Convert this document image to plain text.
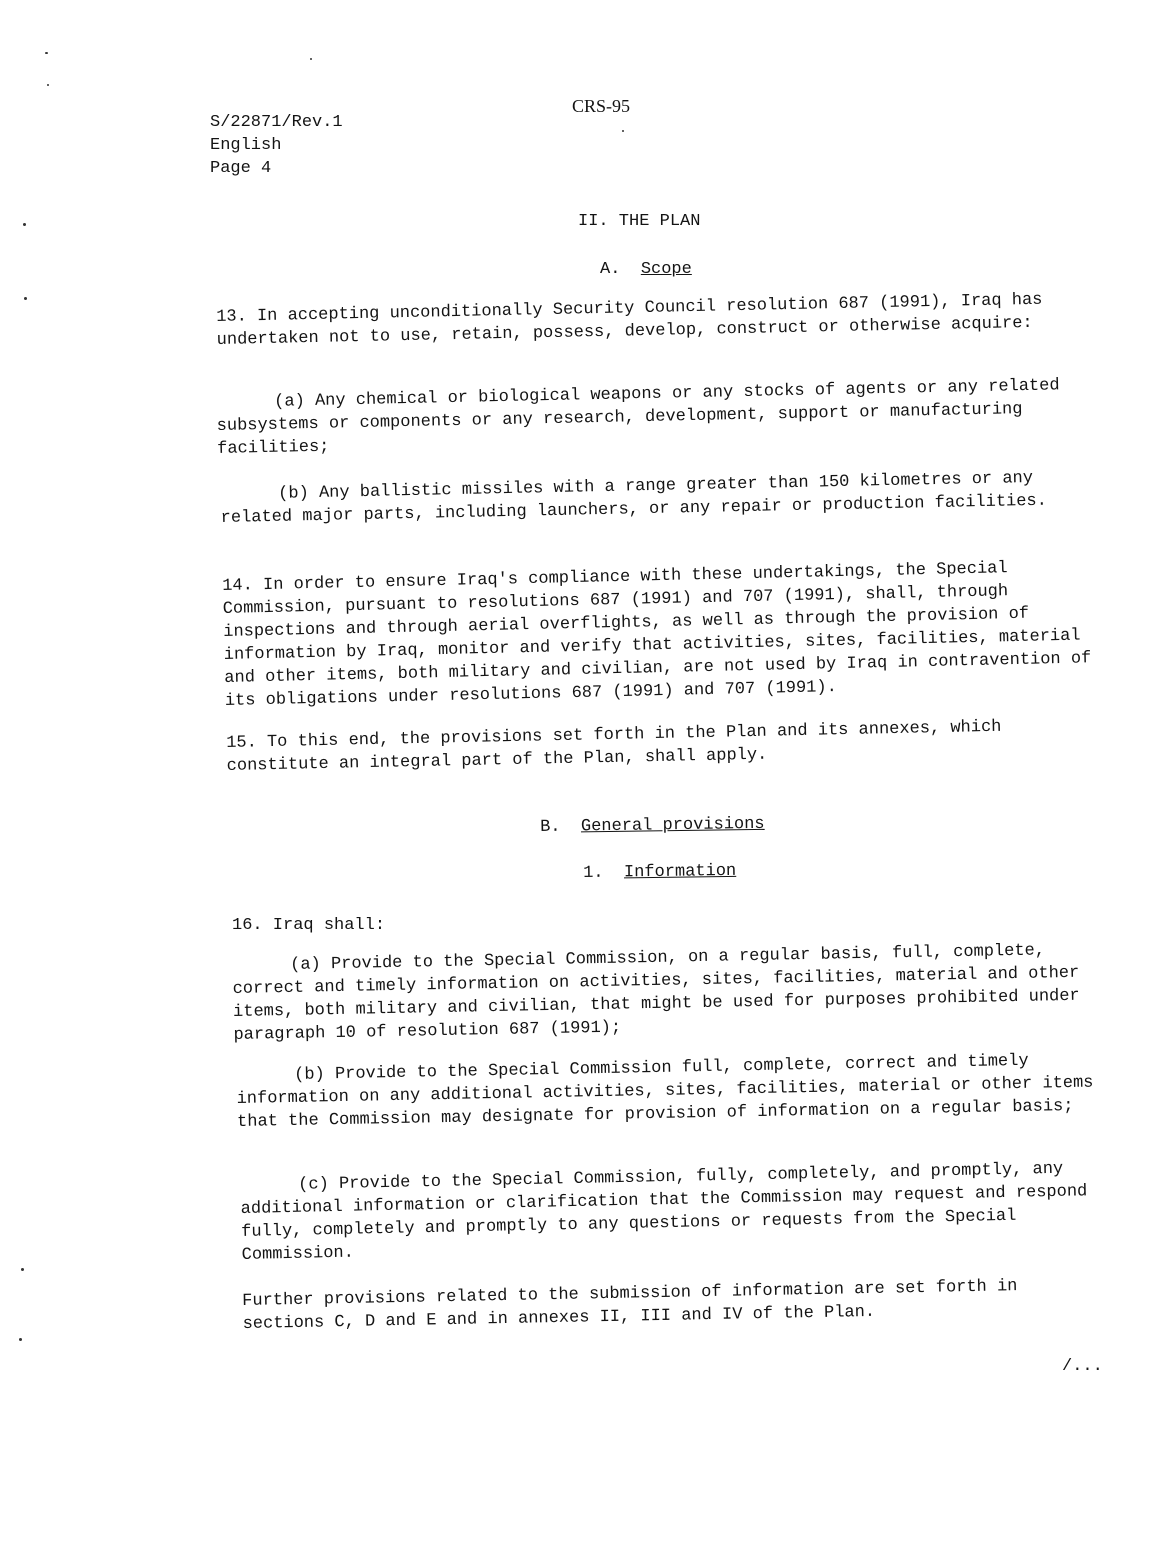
CRS-95
S/22871/Rev.1
English
Page 4
II. THE PLAN
A. Scope

13. In accepting unconditionally Security Council resolution 687 (1991), Iraq has undertaken not to use, retain, possess, develop, construct or otherwise acquire:

(a) Any chemical or biological weapons or any stocks of agents or any related subsystems or components or any research, development, support or manufacturing facilities;

(b) Any ballistic missiles with a range greater than 150 kilometres or any related major parts, including launchers, or any repair or production facilities.

14. In order to ensure Iraq's compliance with these undertakings, the Special Commission, pursuant to resolutions 687 (1991) and 707 (1991), shall, through inspections and through aerial overflights, as well as through the provision of information by Iraq, monitor and verify that activities, sites, facilities, material and other items, both military and civilian, are not used by Iraq in contravention of its obligations under resolutions 687 (1991) and 707 (1991).

15. To this end, the provisions set forth in the Plan and its annexes, which constitute an integral part of the Plan, shall apply.

B. General provisions
1. Information

16. Iraq shall:

(a) Provide to the Special Commission, on a regular basis, full, complete, correct and timely information on activities, sites, facilities, material and other items, both military and civilian, that might be used for purposes prohibited under paragraph 10 of resolution 687 (1991);

(b) Provide to the Special Commission full, complete, correct and timely information on any additional activities, sites, facilities, material or other items that the Commission may designate for provision of information on a regular basis;

(c) Provide to the Special Commission, fully, completely, and promptly, any additional information or clarification that the Commission may request and respond fully, completely and promptly to any questions or requests from the Special Commission.

Further provisions related to the submission of information are set forth in sections C, D and E and in annexes II, III and IV of the Plan.

/...
